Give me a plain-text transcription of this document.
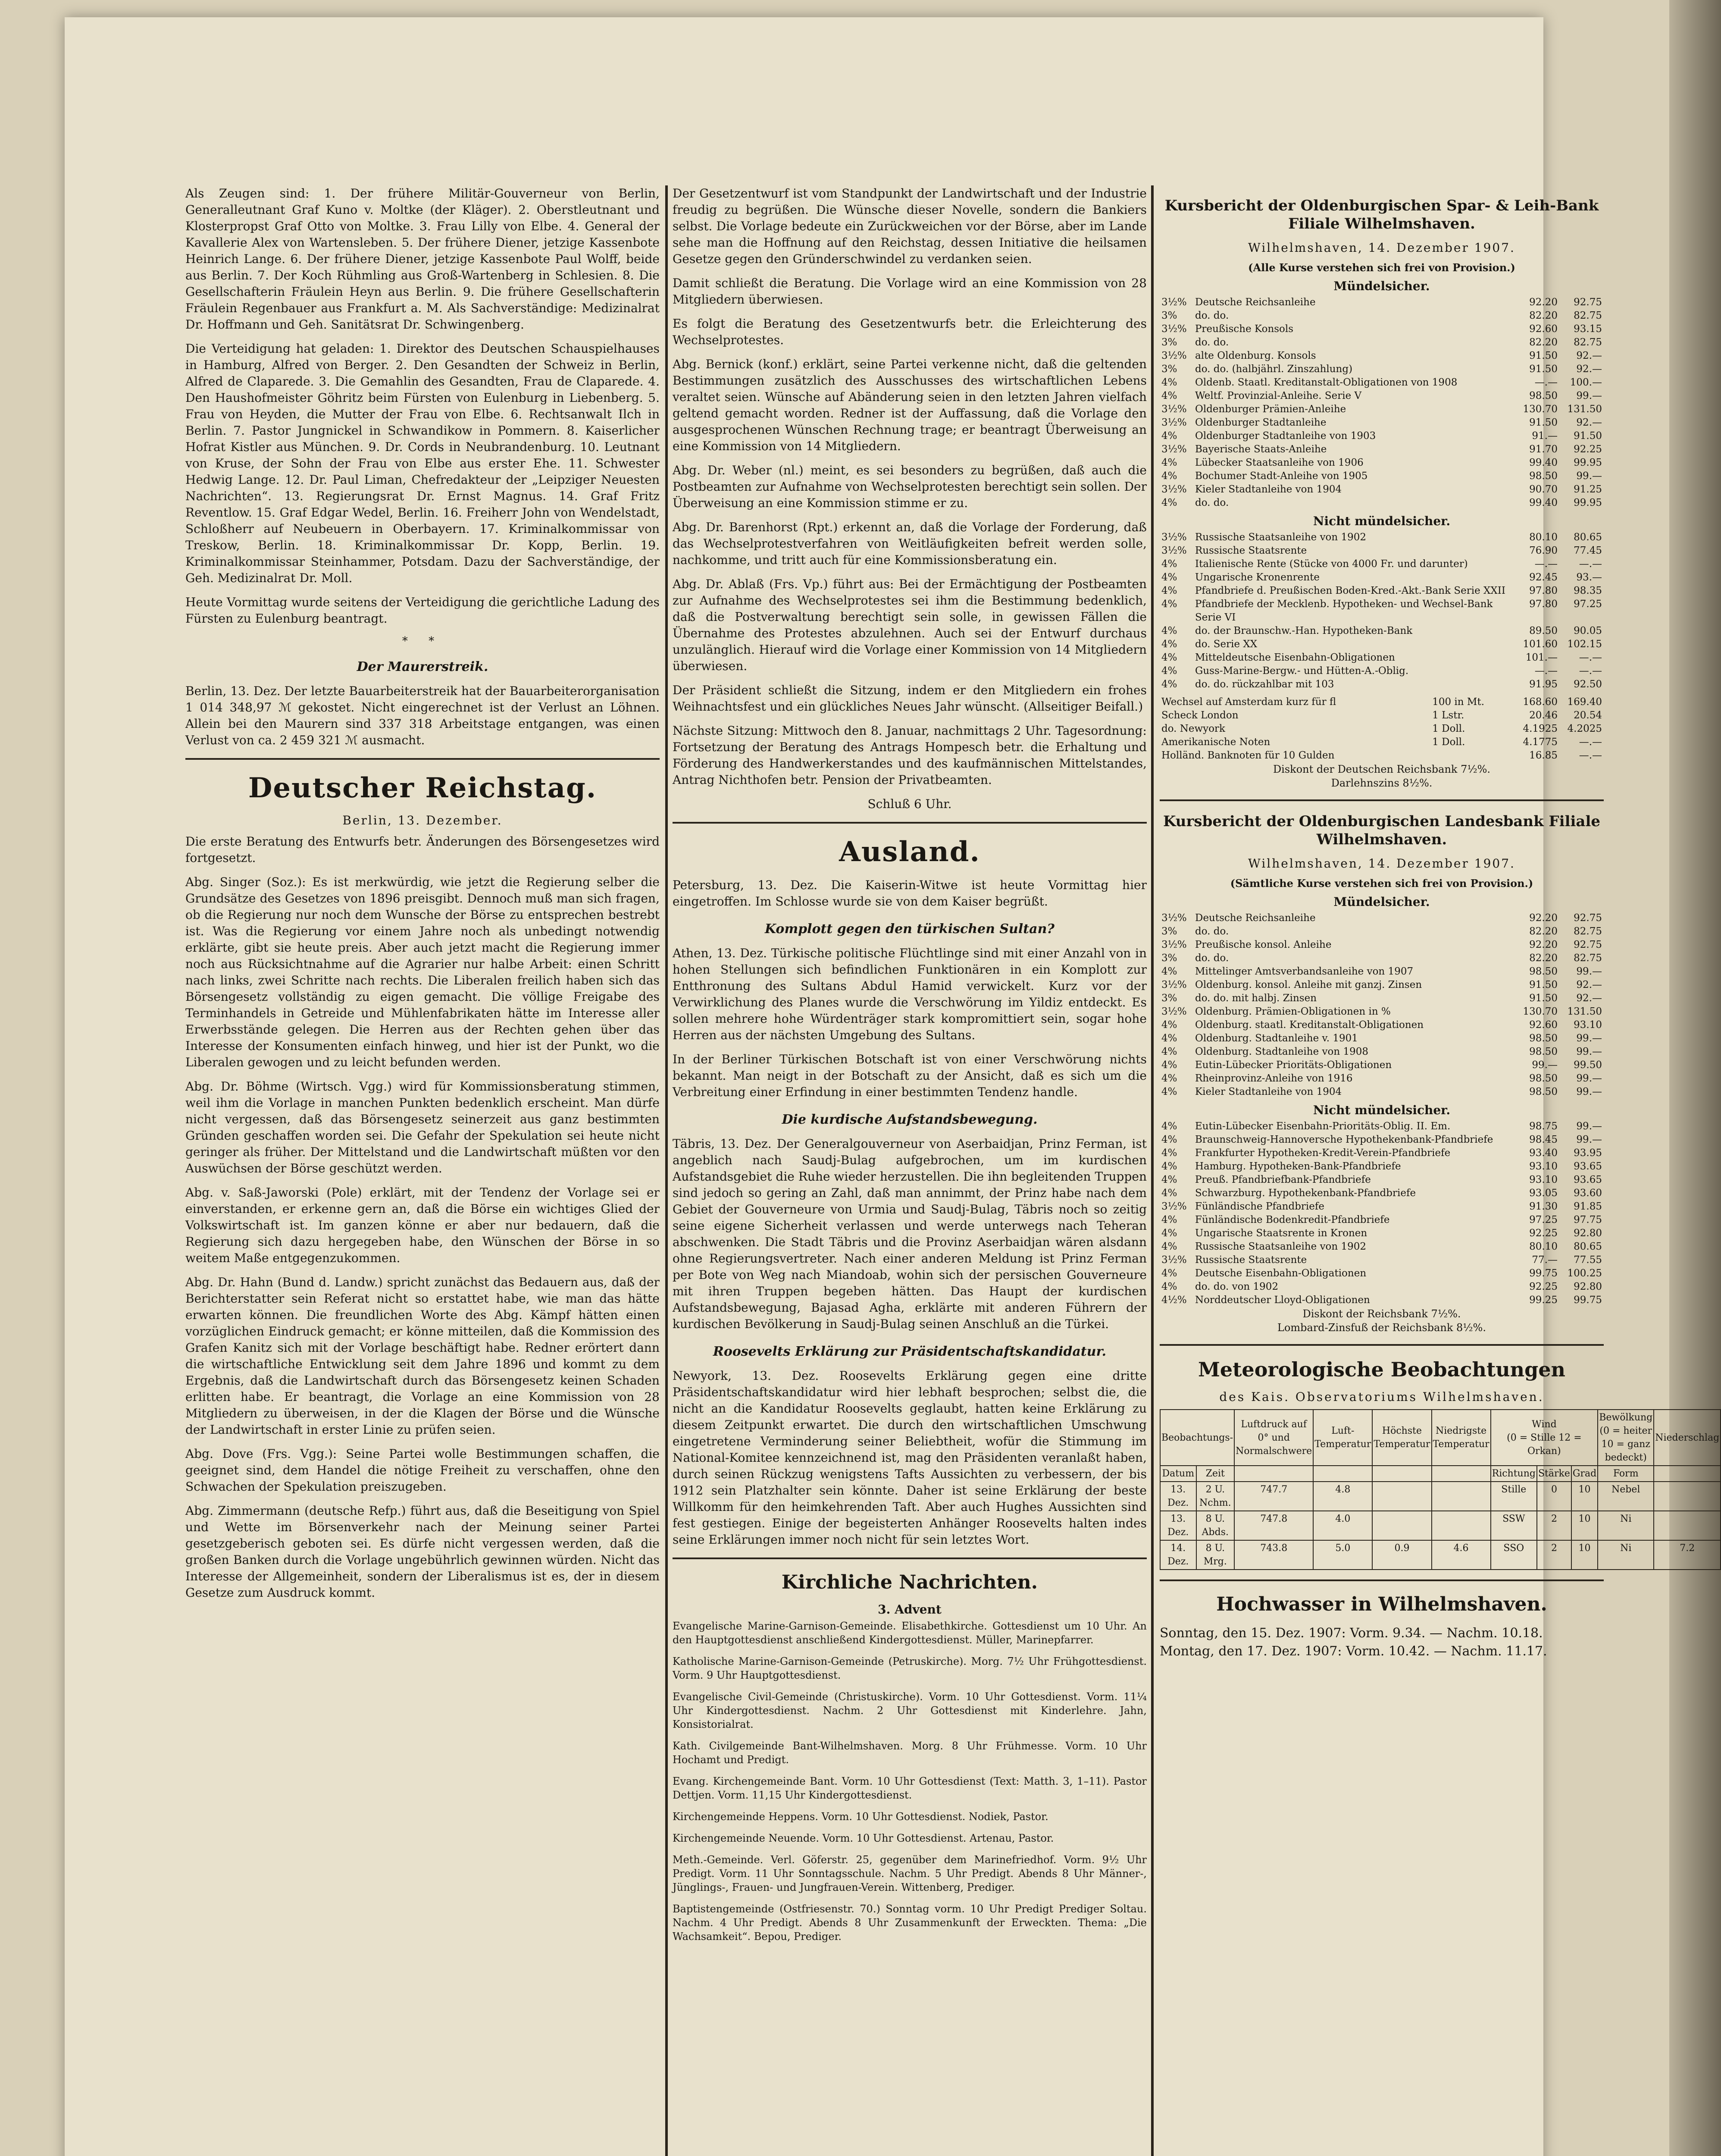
Als Zeugen sind: 1. Der frühere Militär-Gouverneur von Berlin, Generalleutnant Graf Kuno v. Moltke (der Kläger). 2. Oberstleutnant und Klosterpropst Graf Otto von Moltke. 3. Frau Lilly von Elbe. 4. General der Kavallerie Alex von Wartensleben. 5. Der frühere Diener, jetzige Kassenbote Heinrich Lange. 6. Der frühere Diener, jetzige Kassenbote Paul Wolff, beide aus Berlin. 7. Der Koch Rühmling aus Groß-Wartenberg in Schlesien. 8. Die Gesellschafterin Fräulein Heyn aus Berlin. 9. Die frühere Gesellschafterin Fräulein Regenbauer aus Frankfurt a. M. Als Sachverständige: Medizinalrat Dr. Hoffmann und Geh. Sanitätsrat Dr. Schwingenberg.

Die Verteidigung hat geladen: 1. Direktor des Deutschen Schauspielhauses in Hamburg, Alfred von Berger. 2. Den Gesandten der Schweiz in Berlin, Alfred de Claparede. 3. Die Gemahlin des Gesandten, Frau de Claparede. 4. Den Haushofmeister Göhritz beim Fürsten von Eulenburg in Liebenberg. 5. Frau von Heyden, die Mutter der Frau von Elbe. 6. Rechtsanwalt Ilch in Berlin. 7. Pastor Jungnickel in Schwandikow in Pommern. 8. Kaiserlicher Hofrat Kistler aus München. 9. Dr. Cords in Neubrandenburg. 10. Leutnant von Kruse, der Sohn der Frau von Elbe aus erster Ehe. 11. Schwester Hedwig Lange. 12. Dr. Paul Liman, Chefredakteur der „Leipziger Neuesten Nachrichten“. 13. Regierungsrat Dr. Ernst Magnus. 14. Graf Fritz Reventlow. 15. Graf Edgar Wedel, Berlin. 16. Freiherr John von Wendelstadt, Schloßherr auf Neubeuern in Oberbayern. 17. Kriminalkommissar von Treskow, Berlin. 18. Kriminalkommissar Dr. Kopp, Berlin. 19. Kriminalkommissar Steinhammer, Potsdam. Dazu der Sachverständige, der Geh. Medizinalrat Dr. Moll.

Heute Vormittag wurde seitens der Verteidigung die gerichtliche Ladung des Fürsten zu Eulenburg beantragt.

* *
Der Maurerstreik.

Berlin, 13. Dez. Der letzte Bauarbeiterstreik hat der Bauarbeiterorganisation 1 014 348,97 ℳ gekostet. Nicht eingerechnet ist der Verlust an Löhnen. Allein bei den Maurern sind 337 318 Arbeitstage entgangen, was einen Verlust von ca. 2 459 321 ℳ ausmacht.

Deutscher Reichstag.
Berlin, 13. Dezember.

Die erste Beratung des Entwurfs betr. Änderungen des Börsengesetzes wird fortgesetzt.

Abg. Singer (Soz.): Es ist merkwürdig, wie jetzt die Regierung selber die Grundsätze des Gesetzes von 1896 preisgibt. Dennoch muß man sich fragen, ob die Regierung nur noch dem Wunsche der Börse zu entsprechen bestrebt ist. Was die Regierung vor einem Jahre noch als unbedingt notwendig erklärte, gibt sie heute preis. Aber auch jetzt macht die Regierung immer noch aus Rücksichtnahme auf die Agrarier nur halbe Arbeit: einen Schritt nach links, zwei Schritte nach rechts. Die Liberalen freilich haben sich das Börsengesetz vollständig zu eigen gemacht. Die völlige Freigabe des Terminhandels in Getreide und Mühlenfabrikaten hätte im Interesse aller Erwerbsstände gelegen. Die Herren aus der Rechten gehen über das Interesse der Konsumenten einfach hinweg, und hier ist der Punkt, wo die Liberalen gewogen und zu leicht befunden werden.

Abg. Dr. Böhme (Wirtsch. Vgg.) wird für Kommissionsberatung stimmen, weil ihm die Vorlage in manchen Punkten bedenklich erscheint. Man dürfe nicht vergessen, daß das Börsengesetz seinerzeit aus ganz bestimmten Gründen geschaffen worden sei. Die Gefahr der Spekulation sei heute nicht geringer als früher. Der Mittelstand und die Landwirtschaft müßten vor den Auswüchsen der Börse geschützt werden.

Abg. v. Saß-Jaworski (Pole) erklärt, mit der Tendenz der Vorlage sei er einverstanden, er erkenne gern an, daß die Börse ein wichtiges Glied der Volkswirtschaft ist. Im ganzen könne er aber nur bedauern, daß die Regierung sich dazu hergegeben habe, den Wünschen der Börse in so weitem Maße entgegenzukommen.

Abg. Dr. Hahn (Bund d. Landw.) spricht zunächst das Bedauern aus, daß der Berichterstatter sein Referat nicht so erstattet habe, wie man das hätte erwarten können. Die freundlichen Worte des Abg. Kämpf hätten einen vorzüglichen Eindruck gemacht; er könne mitteilen, daß die Kommission des Grafen Kanitz sich mit der Vorlage beschäftigt habe. Redner erörtert dann die wirtschaftliche Entwicklung seit dem Jahre 1896 und kommt zu dem Ergebnis, daß die Landwirtschaft durch das Börsengesetz keinen Schaden erlitten habe. Er beantragt, die Vorlage an eine Kommission von 28 Mitgliedern zu überweisen, in der die Klagen der Börse und die Wünsche der Landwirtschaft in erster Linie zu prüfen seien.

Abg. Dove (Frs. Vgg.): Seine Partei wolle Bestimmungen schaffen, die geeignet sind, dem Handel die nötige Freiheit zu verschaffen, ohne den Schwachen der Spekulation preiszugeben.

Abg. Zimmermann (deutsche Refp.) führt aus, daß die Beseitigung von Spiel und Wette im Börsenverkehr nach der Meinung seiner Partei gesetzgeberisch geboten sei. Es dürfe nicht vergessen werden, daß die großen Banken durch die Vorlage ungebührlich gewinnen würden. Nicht das Interesse der Allgemeinheit, sondern der Liberalismus ist es, der in diesem Gesetze zum Ausdruck kommt.

Der Gesetzentwurf ist vom Standpunkt der Landwirtschaft und der Industrie freudig zu begrüßen. Die Wünsche dieser Novelle, sondern die Bankiers selbst. Die Vorlage bedeute ein Zurückweichen vor der Börse, aber im Lande sehe man die Hoffnung auf den Reichstag, dessen Initiative die heilsamen Gesetze gegen den Gründerschwindel zu verdanken seien.

Damit schließt die Beratung. Die Vorlage wird an eine Kommission von 28 Mitgliedern überwiesen.

Es folgt die Beratung des Gesetzentwurfs betr. die Erleichterung des Wechselprotestes.

Abg. Bernick (konf.) erklärt, seine Partei verkenne nicht, daß die geltenden Bestimmungen zusätzlich des Ausschusses des wirtschaftlichen Lebens veraltet seien. Wünsche auf Abänderung seien in den letzten Jahren vielfach geltend gemacht worden. Redner ist der Auffassung, daß die Vorlage den ausgesprochenen Wünschen Rechnung trage; er beantragt Überweisung an eine Kommission von 14 Mitgliedern.

Abg. Dr. Weber (nl.) meint, es sei besonders zu begrüßen, daß auch die Postbeamten zur Aufnahme von Wechselprotesten berechtigt sein sollen. Der Überweisung an eine Kommission stimme er zu.

Abg. Dr. Barenhorst (Rpt.) erkennt an, daß die Vorlage der Forderung, daß das Wechselprotestverfahren von Weitläufigkeiten befreit werden solle, nachkomme, und tritt auch für eine Kommissionsberatung ein.

Abg. Dr. Ablaß (Frs. Vp.) führt aus: Bei der Ermächtigung der Postbeamten zur Aufnahme des Wechselprotestes sei ihm die Bestimmung bedenklich, daß die Postverwaltung berechtigt sein solle, in gewissen Fällen die Übernahme des Protestes abzulehnen. Auch sei der Entwurf durchaus unzulänglich. Hierauf wird die Vorlage einer Kommission von 14 Mitgliedern überwiesen.

Der Präsident schließt die Sitzung, indem er den Mitgliedern ein frohes Weihnachtsfest und ein glückliches Neues Jahr wünscht. (Allseitiger Beifall.)

Nächste Sitzung: Mittwoch den 8. Januar, nachmittags 2 Uhr. Tagesordnung: Fortsetzung der Beratung des Antrags Hompesch betr. die Erhaltung und Förderung des Handwerkerstandes und des kaufmännischen Mittelstandes, Antrag Nichthofen betr. Pension der Privatbeamten.

Schluß 6 Uhr.

Ausland.

Petersburg, 13. Dez. Die Kaiserin-Witwe ist heute Vormittag hier eingetroffen. Im Schlosse wurde sie von dem Kaiser begrüßt.

Komplott gegen den türkischen Sultan?

Athen, 13. Dez. Türkische politische Flüchtlinge sind mit einer Anzahl von in hohen Stellungen sich befindlichen Funktionären in ein Komplott zur Entthronung des Sultans Abdul Hamid verwickelt. Kurz vor der Verwirklichung des Planes wurde die Verschwörung im Yildiz entdeckt. Es sollen mehrere hohe Würdenträger stark kompromittiert sein, sogar hohe Herren aus der nächsten Umgebung des Sultans.

In der Berliner Türkischen Botschaft ist von einer Verschwörung nichts bekannt. Man neigt in der Botschaft zu der Ansicht, daß es sich um die Verbreitung einer Erfindung in einer bestimmten Tendenz handle.

Die kurdische Aufstandsbewegung.

Täbris, 13. Dez. Der Generalgouverneur von Aserbaidjan, Prinz Ferman, ist angeblich nach Saudj-Bulag aufgebrochen, um im kurdischen Aufstandsgebiet die Ruhe wieder herzustellen. Die ihn begleitenden Truppen sind jedoch so gering an Zahl, daß man annimmt, der Prinz habe nach dem Gebiet der Gouverneure von Urmia und Saudj-Bulag, Täbris noch so zeitig seine eigene Sicherheit verlassen und werde unterwegs nach Teheran abschwenken. Die Stadt Täbris und die Provinz Aserbaidjan wären alsdann ohne Regierungsvertreter. Nach einer anderen Meldung ist Prinz Ferman per Bote von Weg nach Miandoab, wohin sich der persischen Gouverneure mit ihren Truppen begeben hätten. Das Haupt der kurdischen Aufstandsbewegung, Bajasad Agha, erklärte mit anderen Führern der kurdischen Bevölkerung in Saudj-Bulag seinen Anschluß an die Türkei.

Roosevelts Erklärung zur Präsidentschaftskandidatur.

Newyork, 13. Dez. Roosevelts Erklärung gegen eine dritte Präsidentschaftskandidatur wird hier lebhaft besprochen; selbst die, die nicht an die Kandidatur Roosevelts geglaubt, hatten keine Erklärung zu diesem Zeitpunkt erwartet. Die durch den wirtschaftlichen Umschwung eingetretene Verminderung seiner Beliebtheit, wofür die Stimmung im National-Komitee kennzeichnend ist, mag den Präsidenten veranlaßt haben, durch seinen Rückzug wenigstens Tafts Aussichten zu verbessern, der bis 1912 sein Platzhalter sein könnte. Daher ist seine Erklärung der beste Willkomm für den heimkehrenden Taft. Aber auch Hughes Aussichten sind fest gestiegen. Einige der begeisterten Anhänger Roosevelts halten indes seine Erklärungen immer noch nicht für sein letztes Wort.

Kirchliche Nachrichten.
3. Advent

Evangelische Marine-Garnison-Gemeinde. Elisabethkirche. Gottesdienst um 10 Uhr. An den Hauptgottesdienst anschließend Kindergottesdienst. Müller, Marinepfarrer.

Katholische Marine-Garnison-Gemeinde (Petruskirche). Morg. 7½ Uhr Frühgottesdienst. Vorm. 9 Uhr Hauptgottesdienst.

Evangelische Civil-Gemeinde (Christuskirche). Vorm. 10 Uhr Gottesdienst. Vorm. 11¼ Uhr Kindergottesdienst. Nachm. 2 Uhr Gottesdienst mit Kinderlehre. Jahn, Konsistorialrat.

Kath. Civilgemeinde Bant-Wilhelmshaven. Morg. 8 Uhr Frühmesse. Vorm. 10 Uhr Hochamt und Predigt.

Evang. Kirchengemeinde Bant. Vorm. 10 Uhr Gottesdienst (Text: Matth. 3, 1–11). Pastor Dettjen. Vorm. 11,15 Uhr Kindergottesdienst.

Kirchengemeinde Heppens. Vorm. 10 Uhr Gottesdienst. Nodiek, Pastor.

Kirchengemeinde Neuende. Vorm. 10 Uhr Gottesdienst. Artenau, Pastor.

Meth.-Gemeinde. Verl. Göferstr. 25, gegenüber dem Marinefriedhof. Vorm. 9½ Uhr Predigt. Vorm. 11 Uhr Sonntagsschule. Nachm. 5 Uhr Predigt. Abends 8 Uhr Männer-, Jünglings-, Frauen- und Jungfrauen-Verein. Wittenberg, Prediger.

Baptistengemeinde (Ostfriesenstr. 70.) Sonntag vorm. 10 Uhr Predigt Prediger Soltau. Nachm. 4 Uhr Predigt. Abends 8 Uhr Zusammenkunft der Erweckten. Thema: „Die Wachsamkeit“. Bepou, Prediger.

Kursbericht der Oldenburgischen Spar- & Leih-Bank Filiale Wilhelmshaven.
Wilhelmshaven, 14. Dezember 1907.
(Alle Kurse verstehen sich frei von Provision.)
Mündelsicher.
3½%	Deutsche Reichsanleihe	92.20	92.75
3%	do. do.	82.20	82.75
3½%	Preußische Konsols	92.60	93.15
3%	do. do.	82.20	82.75
3½%	alte Oldenburg. Konsols	91.50	92.—
3%	do. do. (halbjährl. Zinszahlung)	91.50	92.—
4%	Oldenb. Staatl. Kreditanstalt-Obligationen von 1908	—.—	100.—
4%	Weltf. Provinzial-Anleihe. Serie V	98.50	99.—
3½%	Oldenburger Prämien-Anleihe	130.70	131.50
3½%	Oldenburger Stadtanleihe	91.50	92.—
4%	Oldenburger Stadtanleihe von 1903	91.—	91.50
3½%	Bayerische Staats-Anleihe	91.70	92.25
4%	Lübecker Staatsanleihe von 1906	99.40	99.95
4%	Bochumer Stadt-Anleihe von 1905	98.50	99.—
3½%	Kieler Stadtanleihe von 1904	90.70	91.25
4%	do. do.	99.40	99.95
Nicht mündelsicher.
3½%	Russische Staatsanleihe von 1902	80.10	80.65
3½%	Russische Staatsrente	76.90	77.45
4%	Italienische Rente (Stücke von 4000 Fr. und darunter)	—.—	—.—
4%	Ungarische Kronenrente	92.45	93.—
4%	Pfandbriefe d. Preußischen Boden-Kred.-Akt.-Bank Serie XXII	97.80	98.35
4%	Pfandbriefe der Mecklenb. Hypotheken- und Wechsel-Bank Serie VI	97.80	97.25
4%	do. der Braunschw.-Han. Hypotheken-Bank	89.50	90.05
4%	do. Serie XX	101.60	102.15
4%	Mitteldeutsche Eisenbahn-Obligationen	101.—	—.—
4%	Guss-Marine-Bergw.- und Hütten-A.-Oblig.	—.—	—.—
4%	do. do. rückzahlbar mit 103	91.95	92.50
Wechsel auf Amsterdam kurz für fl	100 in Mt.	168.60	169.40
Scheck London	1 Lstr.	20.46	20.54
do. Newyork	1 Doll.	4.1925	4.2025
Amerikanische Noten	1 Doll.	4.1775	—.—
Holländ. Banknoten für 10 Gulden		16.85	—.—
Diskont der Deutschen Reichsbank 7½%.
Darlehnszins 8½%.
Kursbericht der Oldenburgischen Landesbank Filiale Wilhelmshaven.
Wilhelmshaven, 14. Dezember 1907.
(Sämtliche Kurse verstehen sich frei von Provision.)
Mündelsicher.
3½%	Deutsche Reichsanleihe	92.20	92.75
3%	do. do.	82.20	82.75
3½%	Preußische konsol. Anleihe	92.20	92.75
3%	do. do.	82.20	82.75
4%	Mittelinger Amtsverbandsanleihe von 1907	98.50	99.—
3½%	Oldenburg. konsol. Anleihe mit ganzj. Zinsen	91.50	92.—
3%	do. do. mit halbj. Zinsen	91.50	92.—
3½%	Oldenburg. Prämien-Obligationen in %	130.70	131.50
4%	Oldenburg. staatl. Kreditanstalt-Obligationen	92.60	93.10
4%	Oldenburg. Stadtanleihe v. 1901	98.50	99.—
4%	Oldenburg. Stadtanleihe von 1908	98.50	99.—
4%	Eutin-Lübecker Prioritäts-Obligationen	99.—	99.50
4%	Rheinprovinz-Anleihe von 1916	98.50	99.—
4%	Kieler Stadtanleihe von 1904	98.50	99.—
Nicht mündelsicher.
4%	Eutin-Lübecker Eisenbahn-Prioritäts-Oblig. II. Em.	98.75	99.—
4%	Braunschweig-Hannoversche Hypothekenbank-Pfandbriefe	98.45	99.—
4%	Frankfurter Hypotheken-Kredit-Verein-Pfandbriefe	93.40	93.95
4%	Hamburg. Hypotheken-Bank-Pfandbriefe	93.10	93.65
4%	Preuß. Pfandbriefbank-Pfandbriefe	93.10	93.65
4%	Schwarzburg. Hypothekenbank-Pfandbriefe	93.05	93.60
3½%	Fünländische Pfandbriefe	91.30	91.85
4%	Fünländische Bodenkredit-Pfandbriefe	97.25	97.75
4%	Ungarische Staatsrente in Kronen	92.25	92.80
4%	Russische Staatsanleihe von 1902	80.10	80.65
3½%	Russische Staatsrente	77.—	77.55
4%	Deutsche Eisenbahn-Obligationen	99.75	100.25
4%	do. do. von 1902	92.25	92.80
4½%	Norddeutscher Lloyd-Obligationen	99.25	99.75
Diskont der Reichsbank 7½%.
Lombard-Zinsfuß der Reichsbank 8½%.
Meteorologische Beobachtungen
des Kais. Observatoriums Wilhelmshaven.
Beobachtungs-		Luftdruck auf 0° und Normalschwere	Luft-Temperatur	Höchste Temperatur	Niedrigste Temperatur	Wind
(0 = Stille 12 = Orkan)			Bewölkung
(0 = heiter 10 = ganz bedeckt)	Niederschlag
Datum	Zeit					Richtung	Stärke	Grad	Form	
13. Dez.	2 U. Nchm.	747.7	4.8			Stille	0	10	Nebel	
13. Dez.	8 U. Abds.	747.8	4.0			SSW	2	10	Ni	
14. Dez.	8 U. Mrg.	743.8	5.0	0.9	4.6	SSO	2	10	Ni	7.2
Hochwasser in Wilhelmshaven.
Sonntag, den 15. Dez. 1907: Vorm. 9.34. — Nachm. 10.18.
Montag, den 17. Dez. 1907: Vorm. 10.42. — Nachm. 11.17.
